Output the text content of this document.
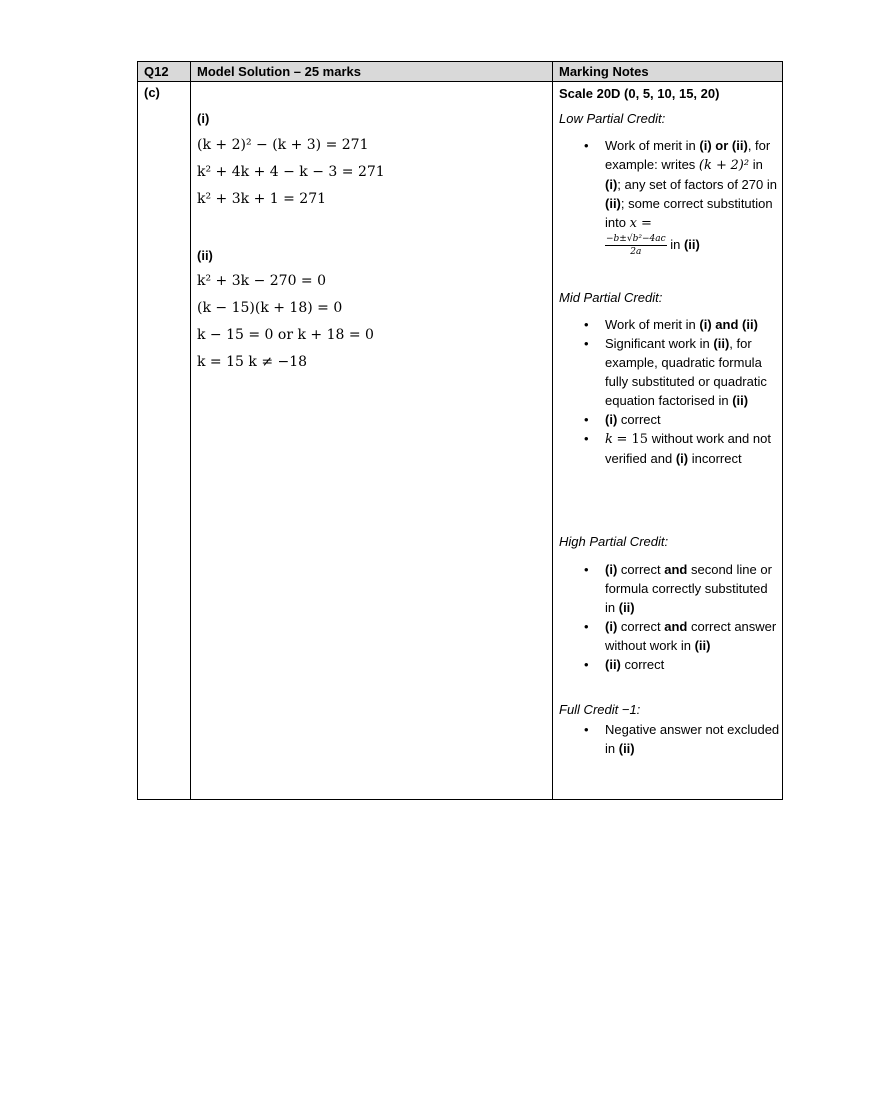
Q12 Model Solution – 25 marks	Marking Notes
(c)
(i)
(k + 2)² − (k + 3) = 271
k² + 4k + 4 − k − 3 = 271
k² + 3k + 1 = 271
(ii)
k² + 3k − 270 = 0
(k − 15)(k + 18) = 0
k − 15 = 0 or k + 18 = 0
k = 15 k ≠ −18
Scale 20D (0, 5, 10, 15, 20)
Low Partial Credit:
• Work of merit in (i) or (ii), for example: writes (k + 2)² in (i); any set of factors of 270 in (ii); some correct substitution into x =

$\frac{\text{−b±√b²−4ac}}{2a}$ in (ii)
Mid Partial Credit:
• Work of merit in (i) and (ii)
• Significant work in (ii), for example, quadratic formula fully substituted or quadratic equation factorised in (ii)
• (i) correct
• k = 15 without work and not verified and (i) incorrect
High Partial Credit:
• (i) correct and second line or formula correctly substituted in (ii)
• (i) correct and correct answer without work in (ii)
• (ii) correct
Full Credit −1:
• Negative answer not excluded in (ii)
